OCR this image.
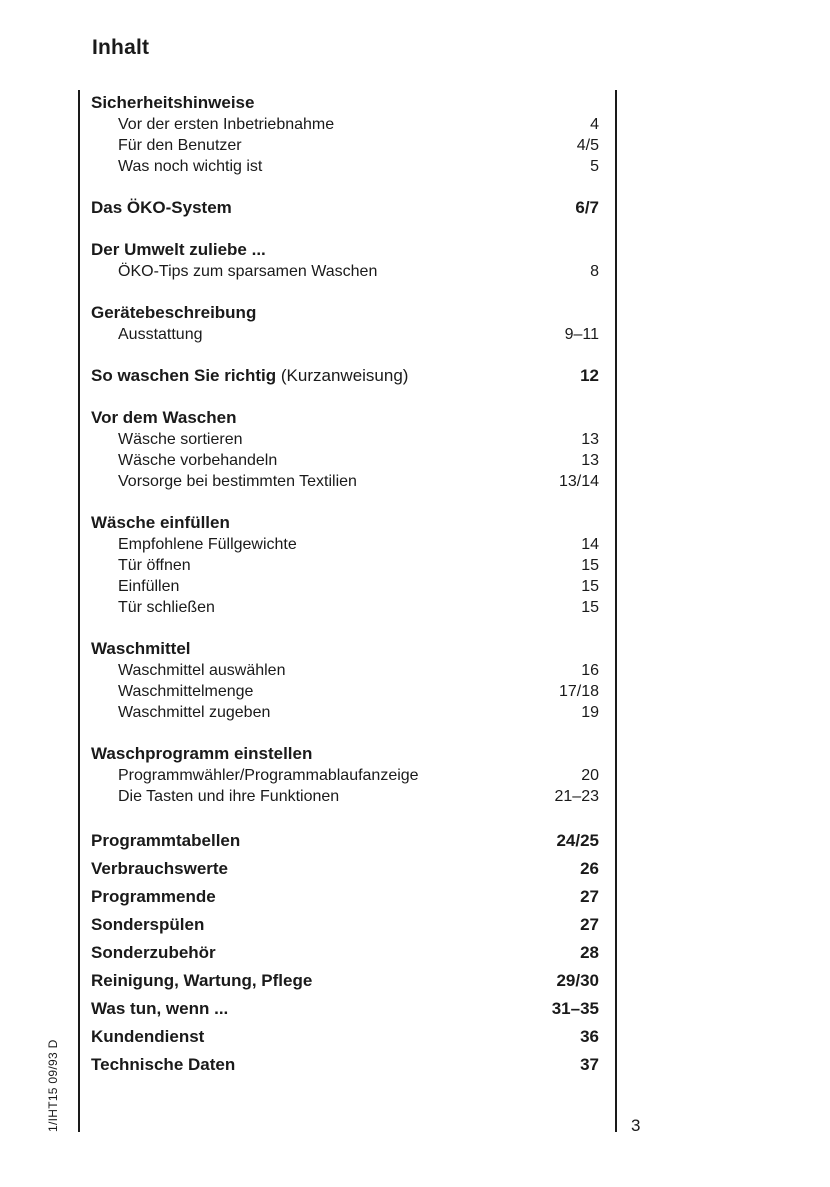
Inhalt
Sicherheitshinweise
Vor der ersten Inbetriebnahme	4
Für den Benutzer	4/5
Was noch wichtig ist	5
Das ÖKO-System	6/7
Der Umwelt zuliebe ...
ÖKO-Tips zum sparsamen Waschen	8
Gerätebeschreibung
Ausstattung	9–11
So waschen Sie richtig (Kurzanweisung)	12
Vor dem Waschen
Wäsche sortieren	13
Wäsche vorbehandeln	13
Vorsorge bei bestimmten Textilien	13/14
Wäsche einfüllen
Empfohlene Füllgewichte	14
Tür öffnen	15
Einfüllen	15
Tür schließen	15
Waschmittel
Waschmittel auswählen	16
Waschmittelmenge	17/18
Waschmittel zugeben	19
Waschprogramm einstellen
Programmwähler/Programmablaufanzeige	20
Die Tasten und ihre Funktionen	21–23
Programmtabellen	24/25
Verbrauchswerte	26
Programmende	27
Sonderspülen	27
Sonderzubehör	28
Reinigung, Wartung, Pflege	29/30
Was tun, wenn ...	31–35
Kundendienst	36
Technische Daten	37
3
1/IHT15 09/93 D
